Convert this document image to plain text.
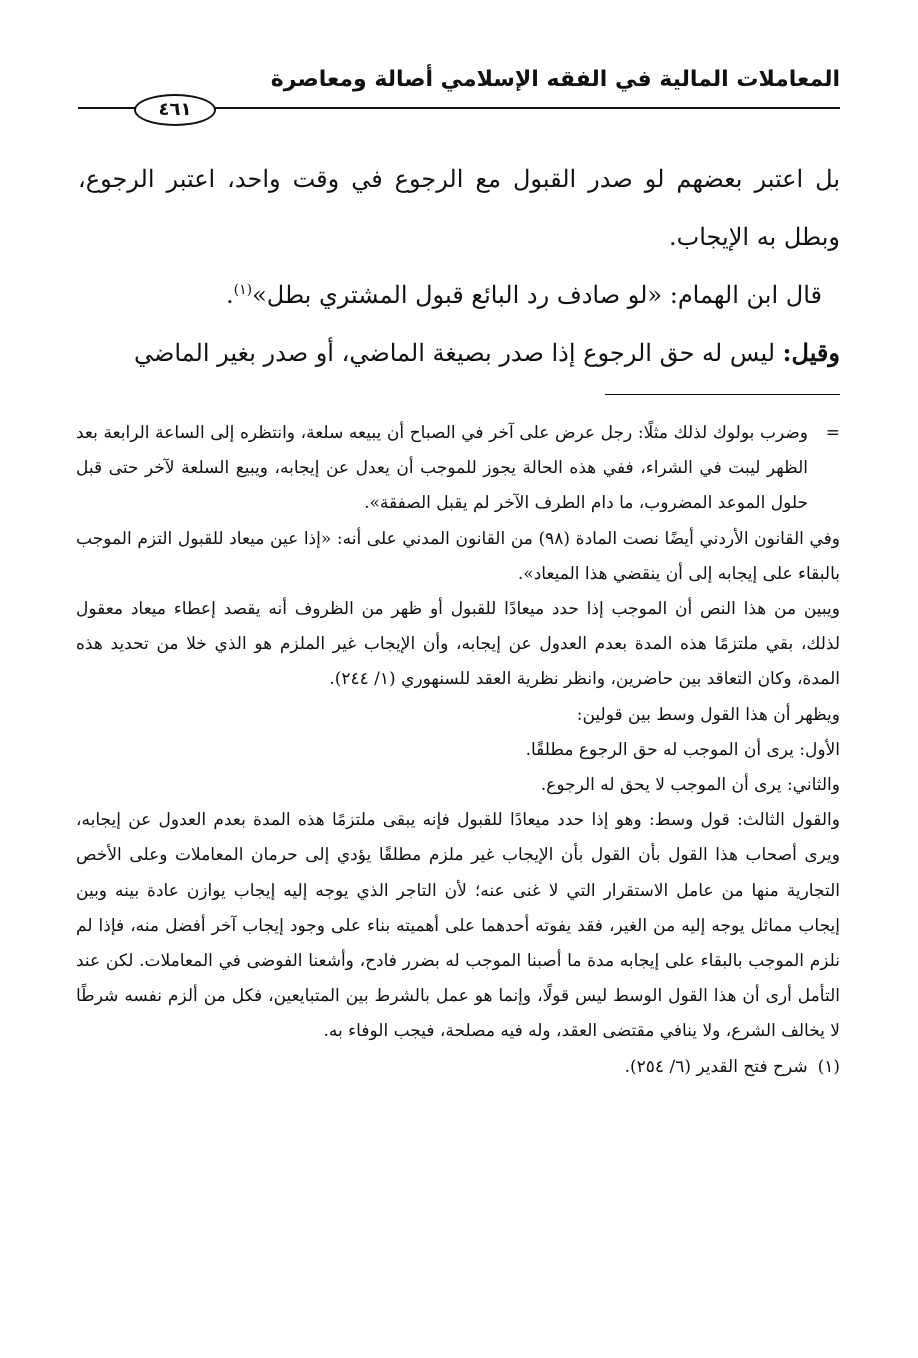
المعاملات المالية في الفقه الإسلامي أصالة ومعاصرة
٤٦١

بل اعتبر بعضهم لو صدر القبول مع الرجوع في وقت واحد، اعتبر الرجوع، وبطل به الإيجاب.

قال ابن الهمام: «لو صادف رد البائع قبول المشتري بطل»$^{(١)}$.

وقيل: ليس له حق الرجوع إذا صدر بصيغة الماضي، أو صدر بغير الماضي

=

وضرب بولوك لذلك مثلًا: رجل عرض على آخر في الصباح أن يبيعه سلعة، وانتظره إلى الساعة الرابعة بعد الظهر ليبت في الشراء، ففي هذه الحالة يجوز للموجب أن يعدل عن إيجابه، ويبيع السلعة لآخر حتى قبل حلول الموعد المضروب، ما دام الطرف الآخر لم يقبل الصفقة».

وفي القانون الأردني أيضًا نصت المادة (٩٨) من القانون المدني على أنه: «إذا عين ميعاد للقبول التزم الموجب بالبقاء على إيجابه إلى أن ينقضي هذا الميعاد».

ويبين من هذا النص أن الموجب إذا حدد ميعادًا للقبول أو ظهر من الظروف أنه يقصد إعطاء ميعاد معقول لذلك، بقي ملتزمًا هذه المدة بعدم العدول عن إيجابه، وأن الإيجاب غير الملزم هو الذي خلا من تحديد هذه المدة، وكان التعاقد بين حاضرين، وانظر نظرية العقد للسنهوري (١/ ٢٤٤).

ويظهر أن هذا القول وسط بين قولين:

الأول: يرى أن الموجب له حق الرجوع مطلقًا.

والثاني: يرى أن الموجب لا يحق له الرجوع.

والقول الثالث: قول وسط: وهو إذا حدد ميعادًا للقبول فإنه يبقى ملتزمًا هذه المدة بعدم العدول عن إيجابه، ويرى أصحاب هذا القول بأن القول بأن الإيجاب غير ملزم مطلقًا يؤدي إلى حرمان المعاملات وعلى الأخص التجارية منها من عامل الاستقرار التي لا غنى عنه؛ لأن التاجر الذي يوجه إليه إيجاب يوازن عادة بينه وبين إيجاب مماثل يوجه إليه من الغير، فقد يفوته أحدهما على أهميته بناء على وجود إيجاب آخر أفضل منه، فإذا لم نلزم الموجب بالبقاء على إيجابه مدة ما أصبنا الموجب له بضرر فادح، وأشعنا الفوضى في المعاملات. لكن عند التأمل أرى أن هذا القول الوسط ليس قولًا، وإنما هو عمل بالشرط بين المتبايعين، فكل من ألزم نفسه شرطًا لا يخالف الشرع، ولا ينافي مقتضى العقد، وله فيه مصلحة، فيجب الوفاء به.

(١)
شرح فتح القدير (٦/ ٢٥٤).
